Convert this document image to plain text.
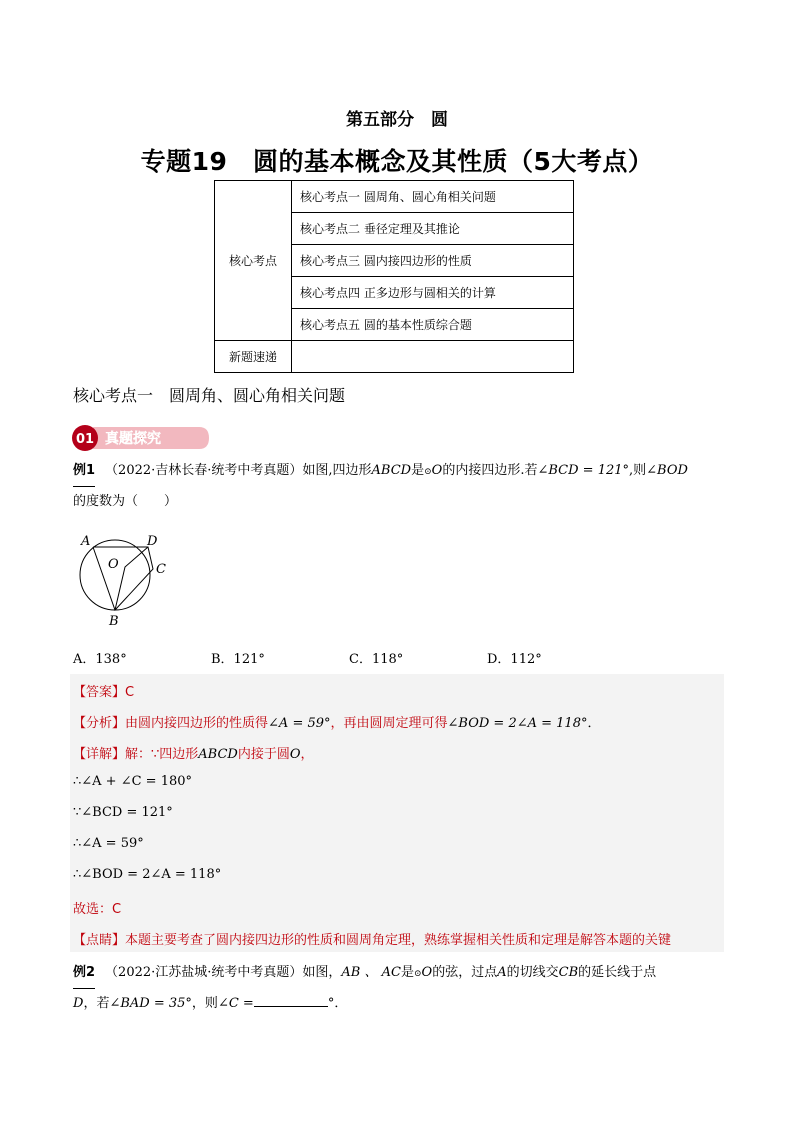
第五部分　圆
专题19　圆的基本概念及其性质（5大考点）
核心考点	核心考点一 圆周角、圆心角相关问题
	核心考点二 垂径定理及其推论
	核心考点三 圆内接四边形的性质
	核心考点四 正多边形与圆相关的计算
	核心考点五 圆的基本性质综合题
新题速递	
核心考点一　圆周角、圆心角相关问题
01 真题探究
例1 （2022·吉林长春·统考中考真题）如图,四边形ABCD是⊙O的内接四边形.若∠BCD = 121°,则∠BOD
的度数为（　　）
A	D
C
B
O
A．138°	B．121°	C．118°	D．112°
【答案】C
【分析】由圆内接四边形的性质得∠A = 59°，再由圆周定理可得∠BOD = 2∠A = 118°．
【详解】解：∵四边形ABCD内接于圆O，
∴∠A + ∠C = 180°
∵∠BCD = 121°
∴∠A = 59°
∴∠BOD = 2∠A = 118°
故选：C
【点睛】本题主要考查了圆内接四边形的性质和圆周角定理，熟练掌握相关性质和定理是解答本题的关键
例2 （2022·江苏盐城·统考中考真题）如图，AB 、 AC是⊙O的弦，过点A的切线交CB的延长线于点
D，若∠BAD = 35°，则∠C =	°．
